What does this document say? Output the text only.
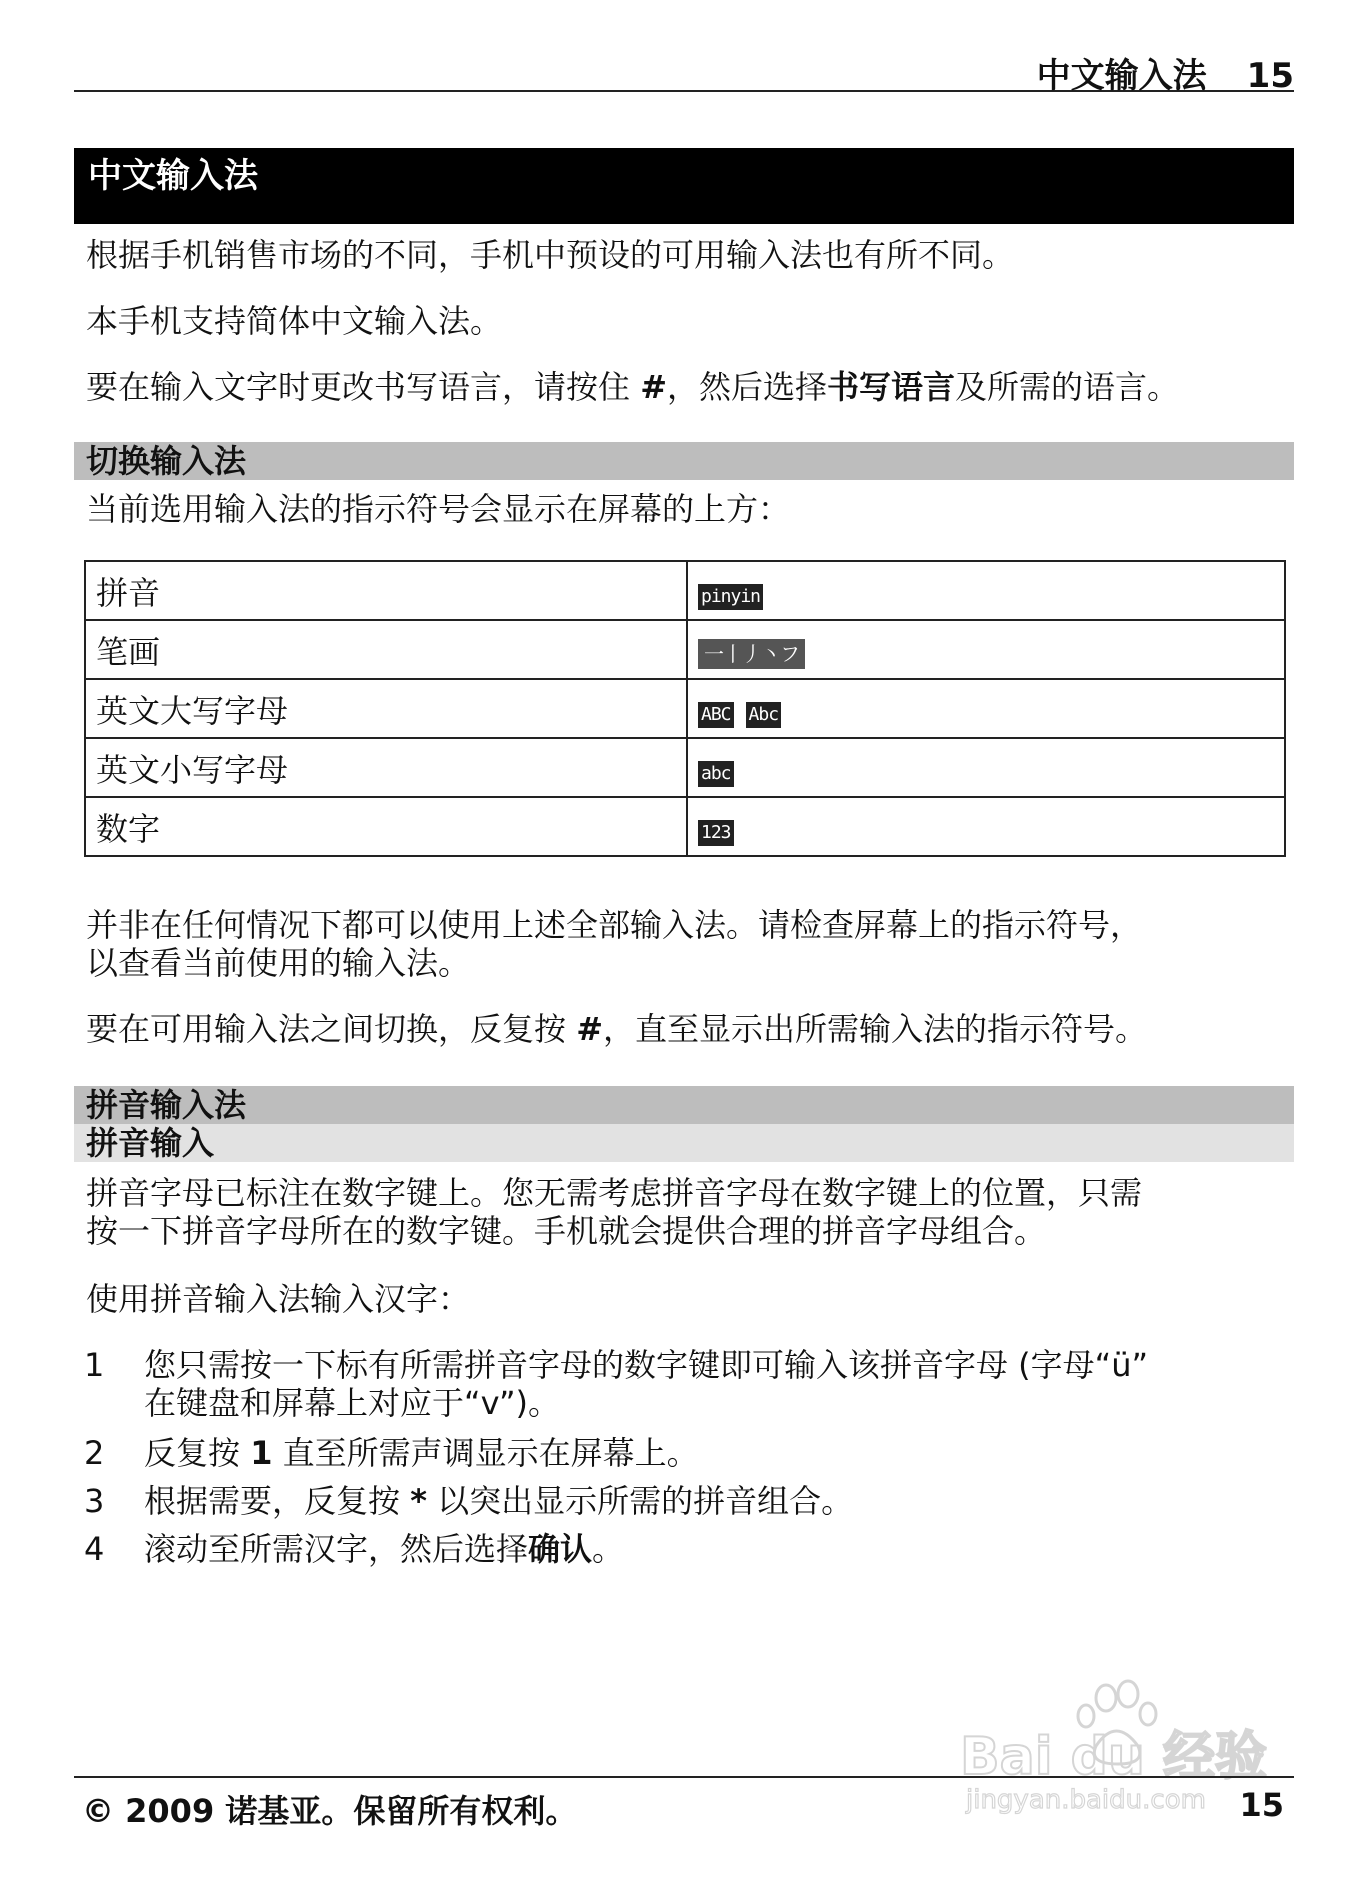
中文输入法 15
中文输入法
根据手机销售市场的不同，手机中预设的可用输入法也有所不同。
本手机支持简体中文输入法。
要在输入文字时更改书写语言，请按住 #，然后选择书写语言及所需的语言。
切换输入法
当前选用输入法的指示符号会显示在屏幕的上方：
拼音	pinyin
笔画	一丨丿丶フ
英文大写字母	ABC Abc
英文小写字母	abc
数字	123
并非在任何情况下都可以使用上述全部输入法。请检查屏幕上的指示符号，
以查看当前使用的输入法。
要在可用输入法之间切换，反复按 #，直至显示出所需输入法的指示符号。
拼音输入法
拼音输入
拼音字母已标注在数字键上。您无需考虑拼音字母在数字键上的位置，只需
按一下拼音字母所在的数字键。手机就会提供合理的拼音字母组合。
使用拼音输入法输入汉字：
1 您只需按一下标有所需拼音字母的数字键即可输入该拼音字母 (字母“ü”
在键盘和屏幕上对应于“v”)。
2 反复按 1 直至所需声调显示在屏幕上。
3 根据需要，反复按 * 以突出显示所需的拼音组合。
4 滚动至所需汉字，然后选择确认。
Bai du 经验
jingyan.baidu.com
© 2009 诺基亚。保留所有权利。	15
